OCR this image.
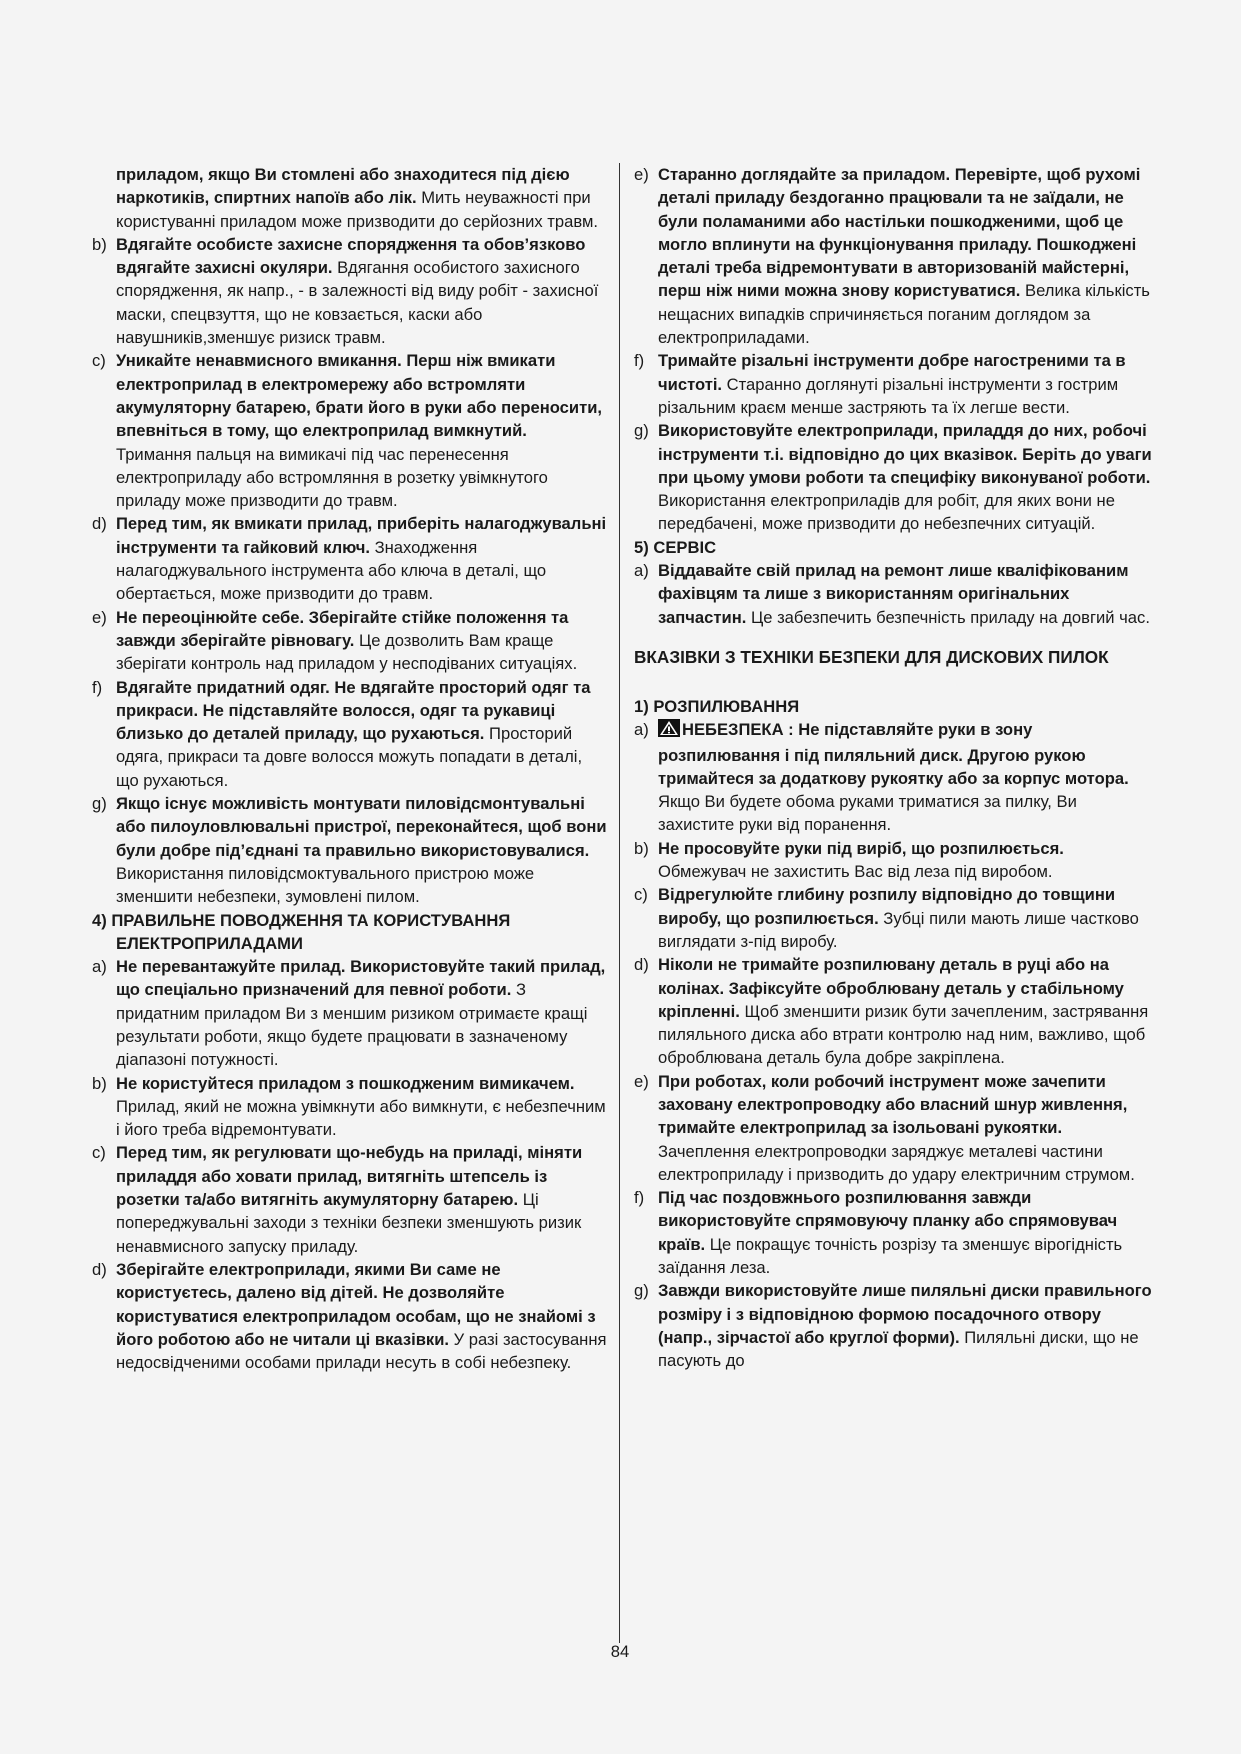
приладом, якщо Ви стомлені або знаходитеся під дією наркотиків, спиртних напоїв або лік. Мить неуважності при користуванні приладом може призводити до серйозних травм.

b) Вдягайте особисте захисне спорядження та обов’язково вдягайте захисні окуляри. Вдягання особистого захисного спорядження, як напр., - в залежності від виду робіт - захисної маски, спецвзуття, що не ковзається, каски або навушників,зменшує ризиск травм.

c) Уникайте ненавмисного вмикання. Перш ніж вмикати електроприлад в електромережу або встромляти акумуляторну батарею, брати його в руки або переносити, впевніться в тому, що електроприлад вимкнутий. Тримання пальця на вимикачі під час перенесення електроприладу або встромляння в розетку увімкнутого приладу може призводити до травм.

d) Перед тим, як вмикати прилад, приберіть налагоджувальні інструменти та гайковий ключ. Знаходження налагоджувального інструмента або ключа в деталі, що обертається, може призводити до травм.

e) Не переоцінюйте себе. Зберігайте стійке положення та завжди зберігайте рівновагу. Це дозволить Вам краще зберігати контроль над приладом у несподіваних ситуаціях.

f) Вдягайте придатний одяг. Не вдягайте просторий одяг та прикраси. Не підставляйте волосся, одяг та рукавиці близько до деталей приладу, що рухаються. Просторий одяга, прикраси та довге волосся можуть попадати в деталі, що рухаються.

g) Якщо існує можливість монтувати пиловідсмонтувальні або пилоуловлювальні пристрої, переконайтеся, щоб вони були добре під’єднані та правильно використовувалися. Використання пиловідсмоктувального пристрою може зменшити небезпеки, зумовлені пилом.

4) ПРАВИЛЬНЕ ПОВОДЖЕННЯ ТА КОРИСТУВАННЯ ЕЛЕКТРОПРИЛАДАМИ

a) Не перевантажуйте прилад. Використовуйте такий прилад, що спеціально призначений для певної роботи. З придатним приладом Ви з меншим ризиком отримаєте кращі результати роботи, якщо будете працювати в зазначеному діапазоні потужності.

b) Не користуйтеся приладом з пошкодженим вимикачем. Прилад, який не можна увімкнути або вимкнути, є небезпечним і його треба відремонтувати.

c) Перед тим, як регулювати що-небудь на приладі, міняти приладдя або ховати прилад, витягніть штепсель із розетки та/або витягніть акумуляторну батарею. Ці попереджувальні заходи з техніки безпеки зменшують ризик ненавмисного запуску приладу.

d) Зберігайте електроприлади, якими Ви саме не користуєтесь, далено від дітей. Не дозволяйте користуватися електроприладом особам, що не знайомі з його роботою або не читали ці вказівки. У разі застосування недосвідченими особами прилади несуть в собі небезпеку.

e) Старанно доглядайте за приладом. Перевірте, щоб рухомі деталі приладу бездоганно працювали та не заїдали, не були поламаними або настільки пошкодженими, щоб це могло вплинути на функціонування приладу. Пошкоджені деталі треба відремонтувати в авторизованій майстерні, перш ніж ними можна знову користуватися. Велика кількість нещасних випадків спричиняється поганим доглядом за електроприладами.

f) Тримайте різальні інструменти добре нагостреними та в чистоті. Старанно доглянуті різальні інструменти з гострим різальним краєм менше застряють та їх легше вести.

g) Використовуйте електроприлади, приладдя до них, робочі інструменти т.і. відповідно до цих вказівок. Беріть до уваги при цьому умови роботи та специфіку виконуваної роботи. Використання електроприладів для робіт, для яких вони не передбачені, може призводити до небезпечних ситуацій.

5) СЕРВІС

a) Віддавайте свій прилад на ремонт лише кваліфікованим фахівцям та лише з використанням оригінальних запчастин. Це забезпечить безпечність приладу на довгий час.

ВКАЗІВКИ З ТЕХНІКИ БЕЗПЕКИ ДЛЯ ДИСКОВИХ ПИЛОК
1) РОЗПИЛЮВАННЯ

a) НЕБЕЗПЕКА : Не підставляйте руки в зону розпилювання і під пиляльний диск. Другою рукою тримайтеся за додаткову рукоятку або за корпус мотора. Якщо Ви будете обома руками триматися за пилку, Ви захистите руки від поранення.

b) Не просовуйте руки під виріб, що розпилюється. Обмежувач не захистить Вас від леза під виробом.

c) Відрегулюйте глибину розпилу відповідно до товщини виробу, що розпилюється. Зубці пили мають лише частково виглядати з-під виробу.

d) Ніколи не тримайте розпилювану деталь в руці або на колінах. Зафіксуйте оброблювану деталь у стабільному кріпленні. Щоб зменшити ризик бути зачепленим, застрявання пиляльного диска або втрати контролю над ним, важливо, щоб оброблювана деталь була добре закріплена.

e) При роботах, коли робочий інструмент може зачепити заховану електропроводку або власний шнур живлення, тримайте електроприлад за ізольовані рукоятки. Зачеплення електропроводки заряджує металеві частини електроприладу і призводить до удару електричним струмом.

f) Під час поздовжнього розпилювання завжди використовуйте спрямовуючу планку або спрямовувач країв. Це покращує точність розрізу та зменшує вірогідність заїдання леза.

g) Завжди використовуйте лише пиляльні диски правильного розміру і з відповідною формою посадочного отвору (напр., зірчастої або круглої форми). Пиляльні диски, що не пасують до

84
